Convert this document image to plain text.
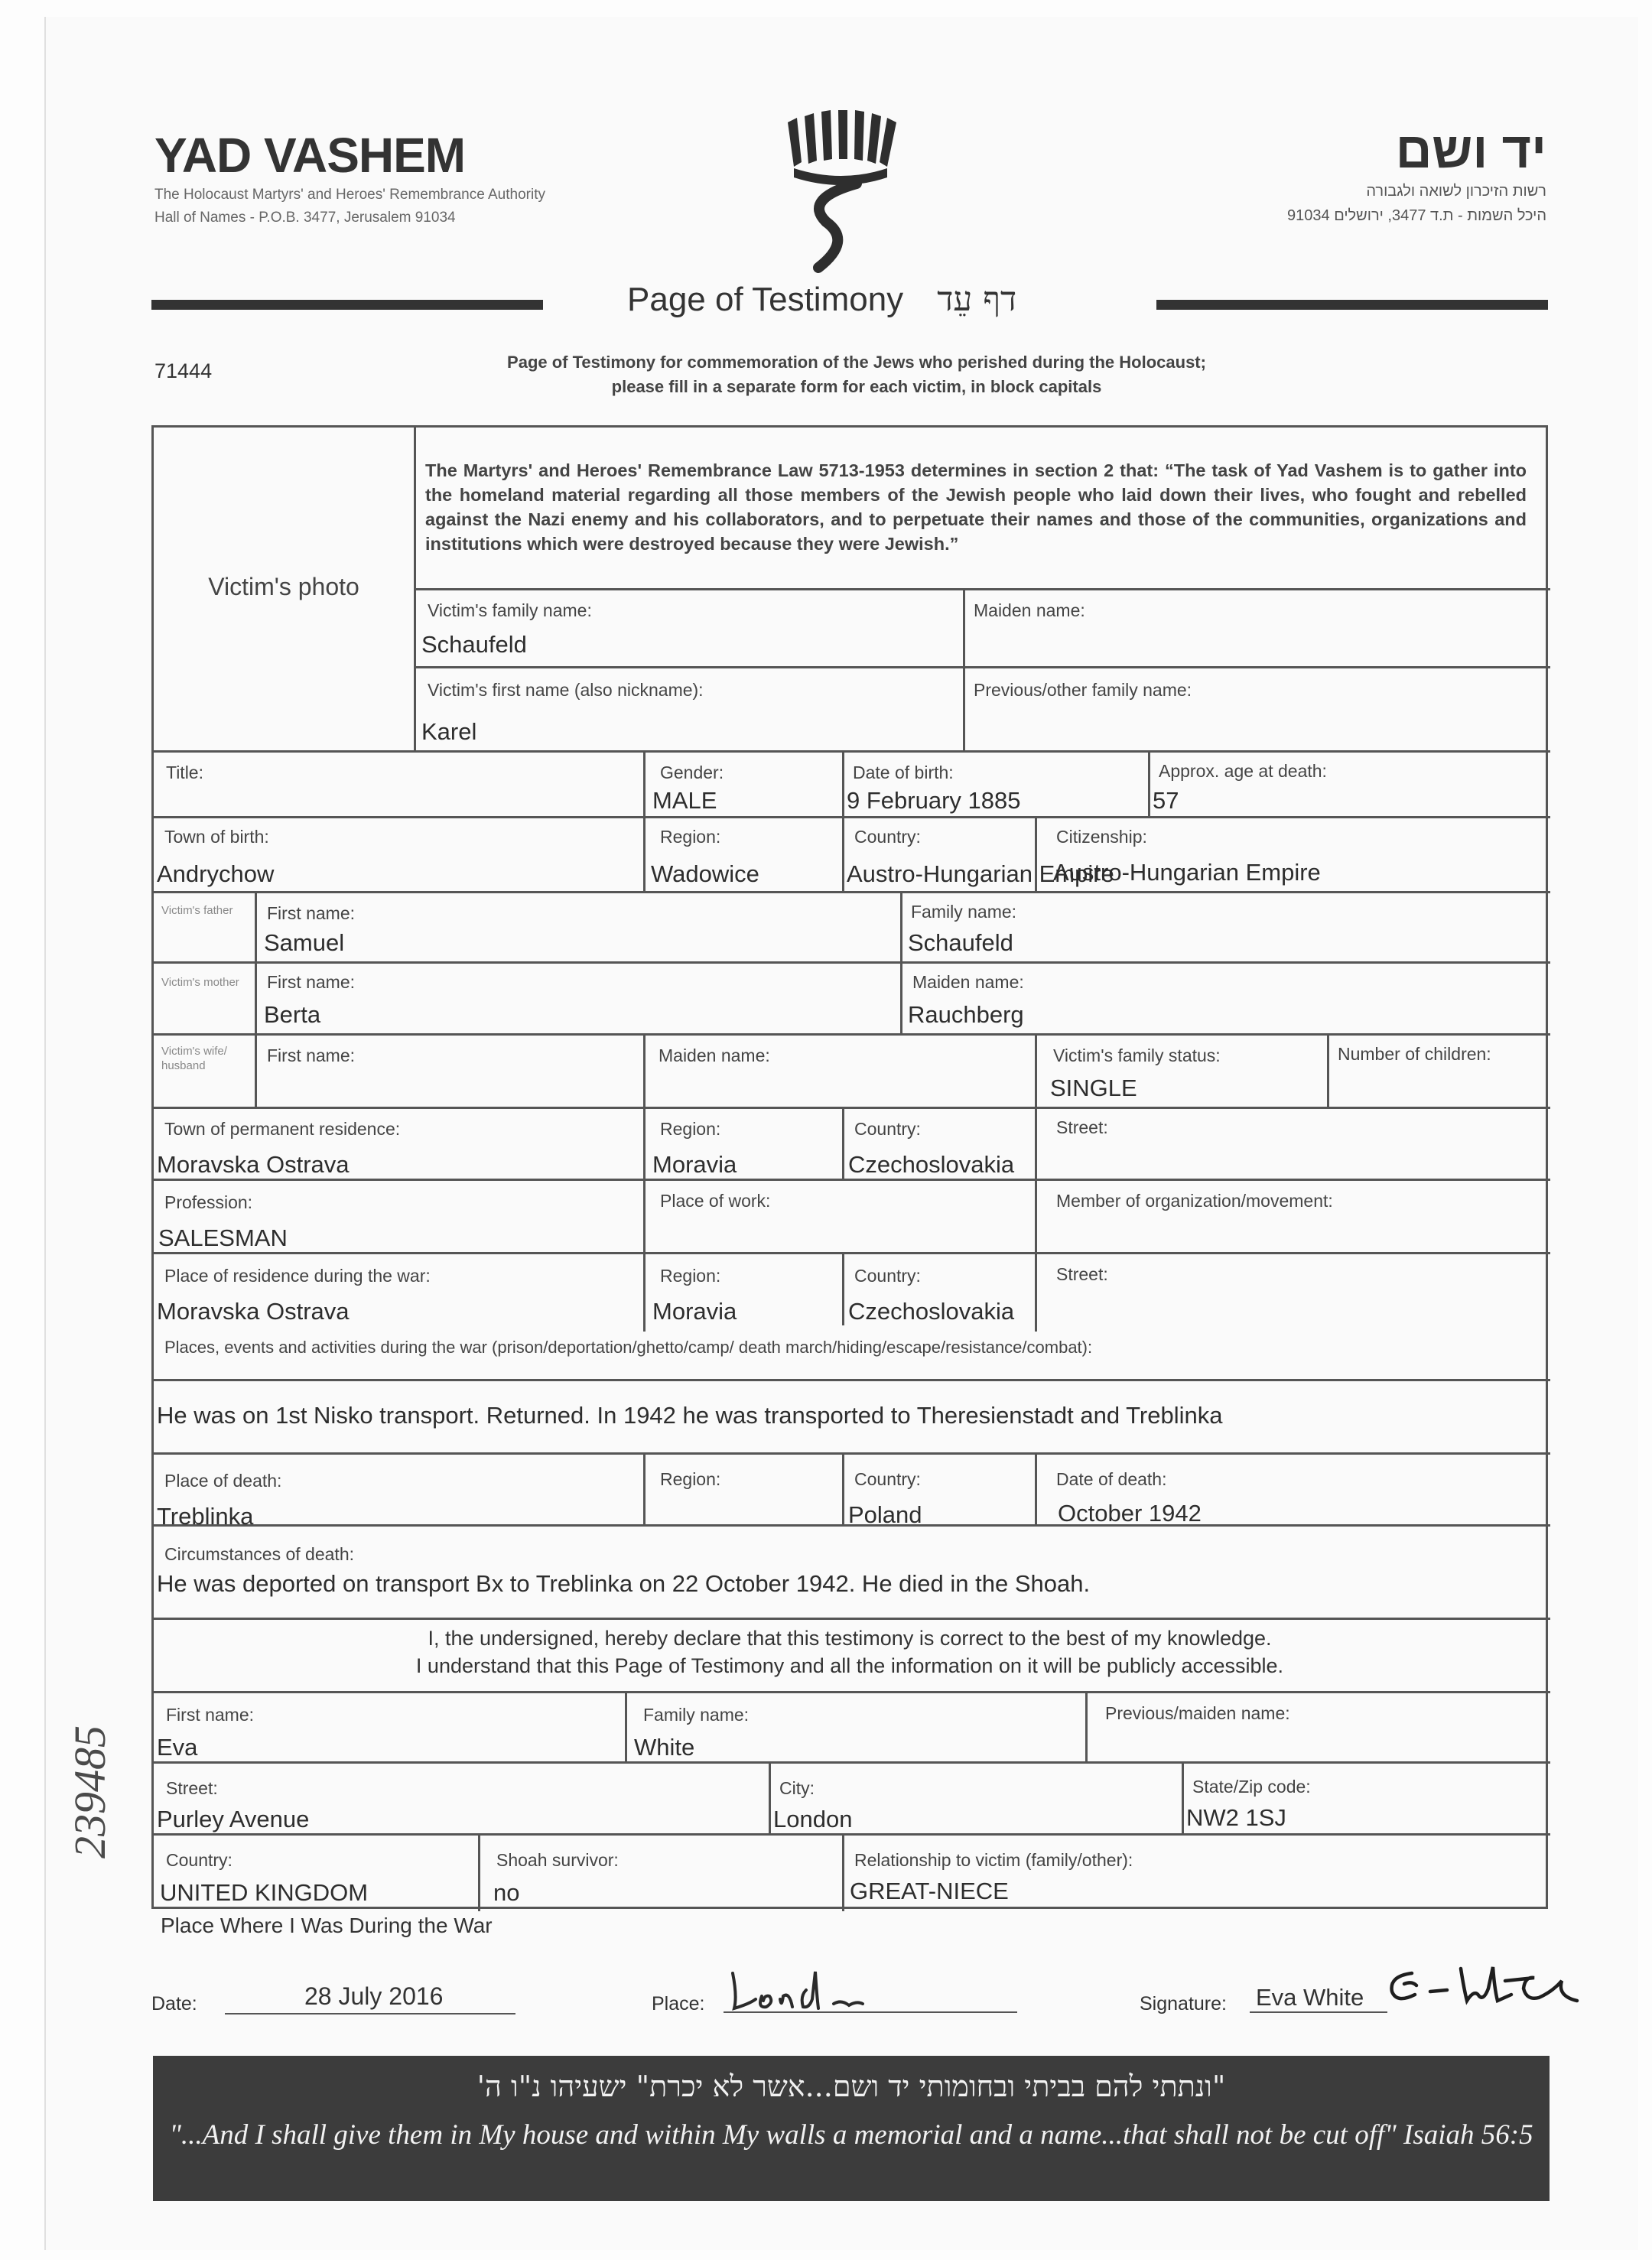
YAD VASHEM
The Holocaust Martyrs' and Heroes' Remembrance Authority
Hall of Names - P.O.B. 3477, Jerusalem 91034
יד ושם
רשות הזיכרון לשואה ולגבורה
היכל השמות - ת.ד 3477, ירושלים 91034
Page of Testimony דף עֵד
71444	Page of Testimony for commemoration of the Jews who perished during the Holocaust;
please fill in a separate form for each victim, in block capitals
Victim's photo
The Martyrs' and Heroes' Remembrance Law 5713-1953 determines in section 2 that: “The task of Yad Vashem is to gather into the homeland material regarding all those members of the Jewish people who laid down their lives, who fought and rebelled against the Nazi enemy and his collaborators, and to perpetuate their names and those of the communities, organizations and institutions which were destroyed because they were Jewish.”
Victim's family name:
Schaufeld
Maiden name:
Victim's first name (also nickname):
Karel
Previous/other family name:
Title:	Gender:
MALE
Date of birth:
9 February 1885
Approx. age at death:
57
Town of birth:
Andrychow
Region:
Wadowice
Country:
Austro-Hungarian Empire
Citizenship:
Austro-Hungarian Empire
Victim's father	First name:
Samuel
Family name:
Schaufeld
Victim's mother	First name:
Berta
Maiden name:
Rauchberg
Victim's wife/ husband
First name:	Maiden name:	Victim's family status:
SINGLE
Number of children:
Town of permanent residence:
Moravska Ostrava
Region:
Moravia
Country:
Czechoslovakia
Street:
Profession:
SALESMAN
Place of work:	Member of organization/movement:
Place of residence during the war:
Moravska Ostrava
Region:
Moravia
Country:
Czechoslovakia
Street:
Places, events and activities during the war (prison/deportation/ghetto/camp/ death march/hiding/escape/resistance/combat):
He was on 1st Nisko transport. Returned. In 1942 he was transported to Theresienstadt and Treblinka
Place of death:
Treblinka
Region:	Country:
Poland
Date of death:
October 1942
Circumstances of death:
He was deported on transport Bx to Treblinka on 22 October 1942. He died in the Shoah.
I, the undersigned, hereby declare that this testimony is correct to the best of my knowledge.
I understand that this Page of Testimony and all the information on it will be publicly accessible.
First name:
Eva
Family name:
White
Previous/maiden name:
Street:
Purley Avenue
City:
London
State/Zip code:
NW2 1SJ
Country:
UNITED KINGDOM
Shoah survivor:
no
Relationship to victim (family/other):
GREAT-NIECE
Place Where I Was During the War
Date:	28 July 2016	Place:	Signature: Eva White
239485
"ונתתי להם בביתי ובחומותי יד ושם...אשר לא יכרת" ישעיהו נ"ו ה'
"...And I shall give them in My house and within My walls a memorial and a name...that shall not be cut off" Isaiah 56:5
